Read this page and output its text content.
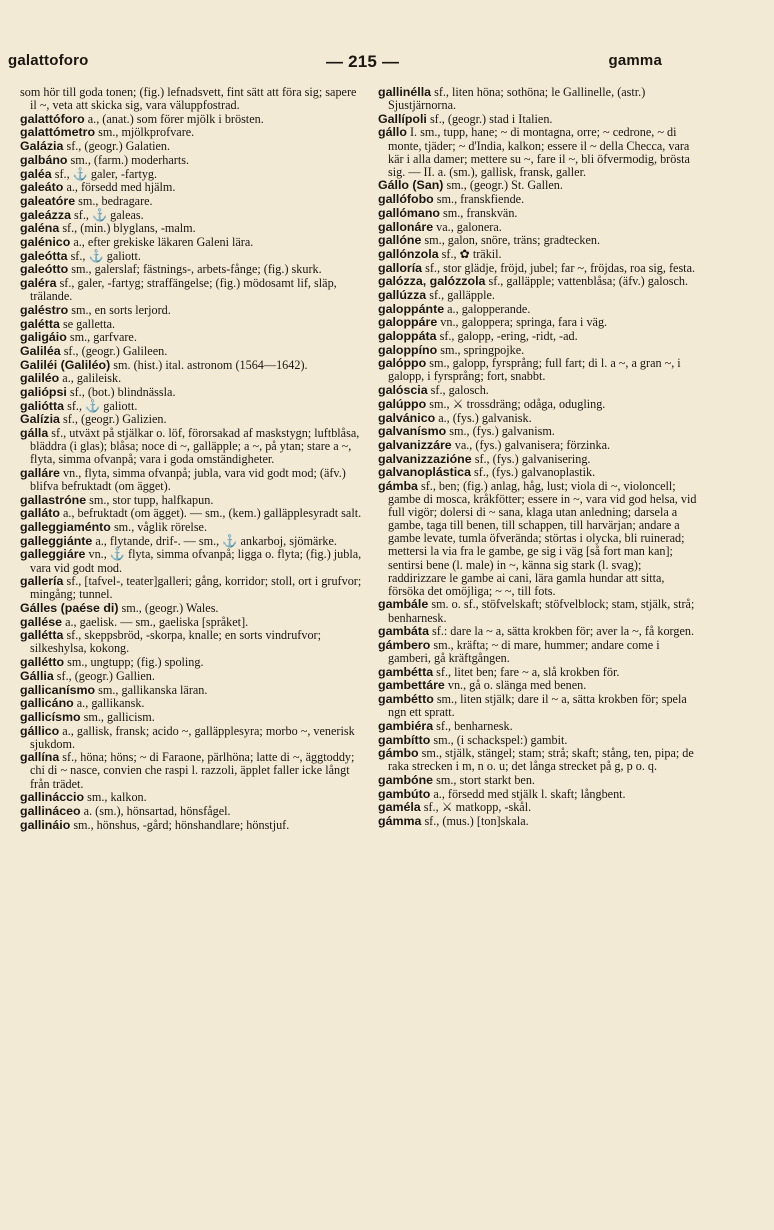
galattoforo	— 215 —	gamma
som hör till goda tonen; (fig.) lefnadsvett, fint sätt att föra sig; sapere il ~, veta att skicka sig, vara väluppfostrad.
galattóforo a., (anat.) som förer mjölk i brösten.
galattómetro sm., mjölkprofvare.
Galázia sf., (geogr.) Galatien.
galbáno sm., (farm.) moderharts.
galéa sf., ⚓ galer, -fartyg.
galeáto a., försedd med hjälm.
galeatóre sm., bedragare.
galeázza sf., ⚓ galeas.
galéna sf., (min.) blyglans, -malm.
galénico a., efter grekiske läkaren Galeni lära.
galeótta sf., ⚓ galiott.
galeótto sm., galerslaf; fästnings-, arbets-fånge; (fig.) skurk.
galéra sf., galer, -fartyg; straffängelse; (fig.) mödosamt lif, släp, trälande.
galéstro sm., en sorts lerjord.
galétta se galletta.
galigáio sm., garfvare.
Galiléa sf., (geogr.) Galileen.
Galiléi (Galiléo) sm. (hist.) ital. astronom (1564—1642).
galiléo a., galileisk.
galiópsi sf., (bot.) blindnässla.
galiótta sf., ⚓ galiott.
Galízia sf., (geogr.) Galizien.
gálla sf., utväxt på stjälkar o. löf, förorsakad af maskstygn; luftblåsa, bläddra (i glas); blåsa; noce di ~, galläpple; a ~, på ytan; stare a ~, flyta, simma ofvanpå; vara i goda omständigheter.
galláre vn., flyta, simma ofvanpå; jubla, vara vid godt mod; (äfv.) blifva befruktadt (om ägget).
gallastróne sm., stor tupp, halfkapun.
galláto a., befruktadt (om ägget). — sm., (kem.) galläpplesyradt salt.
galleggiaménto sm., våglik rörelse.
galleggiánte a., flytande, drif-. — sm., ⚓ ankarboj, sjömärke.
galleggiáre vn., ⚓ flyta, simma ofvanpå; ligga o. flyta; (fig.) jubla, vara vid godt mod.
gallería sf., [tafvel-, teater]galleri; gång, korridor; stoll, ort i grufvor; mingång; tunnel.
Gálles (paése di) sm., (geogr.) Wales.
gallése a., gaelisk. — sm., gaeliska [språket].
gallétta sf., skeppsbröd, -skorpa, knalle; en sorts vindrufvor; silkeshylsa, kokong.
gallétto sm., ungtupp; (fig.) spoling.
Gállia sf., (geogr.) Gallien.
gallicanísmo sm., gallikanska läran.
gallicáno a., gallikansk.
gallicísmo sm., gallicism.
gállico a., gallisk, fransk; acido ~, galläpplesyra; morbo ~, venerisk sjukdom.
gallína sf., höna; höns; ~ di Faraone, pärlhöna; latte di ~, äggtoddy; chi di ~ nasce, convien che raspi l. razzoli, äpplet faller icke långt från trädet.
gallináccio sm., kalkon.
gallináceo a. (sm.), hönsartad, hönsfågel.
gallináio sm., hönshus, -gård; hönshandlare; hönstjuf.
gallinélla sf., liten höna; sothöna; le Gallinelle, (astr.) Sjustjärnorna.
Gallípoli sf., (geogr.) stad i Italien.
gállo I. sm., tupp, hane; ~ di montagna, orre; ~ cedrone, ~ di monte, tjäder; ~ d'India, kalkon; essere il ~ della Checca, vara kär i alla damer; mettere su ~, fare il ~, bli öfvermodig, brösta sig. — II. a. (sm.), gallisk, fransk, galler.
Gállo (San) sm., (geogr.) St. Gallen.
gallófobo sm., franskfiende.
gallómano sm., franskvän.
gallonáre va., galonera.
gallóne sm., galon, snöre, träns; gradtecken.
gallónzola sf., ✿ träkil.
galloría sf., stor glädje, fröjd, jubel; far ~, fröjdas, roa sig, festa.
galózza, galózzola sf., galläpple; vattenblåsa; (äfv.) galosch.
gallúzza sf., galläpple.
galoppánte a., galopperande.
galoppáre vn., galoppera; springa, fara i väg.
galoppáta sf., galopp, -ering, -ridt, -ad.
galoppíno sm., springpojke.
galóppo sm., galopp, fyrsprång; full fart; di l. a ~, a gran ~, i galopp, i fyrsprång; fort, snabbt.
galóscia sf., galosch.
galúppo sm., ⚔ trossdräng; odåga, odugling.
galvánico a., (fys.) galvanisk.
galvanísmo sm., (fys.) galvanism.
galvanizzáre va., (fys.) galvanisera; förzinka.
galvanizzazióne sf., (fys.) galvanisering.
galvanoplástica sf., (fys.) galvanoplastik.
gámba sf., ben; (fig.) anlag, håg, lust; viola di ~, violoncell; gambe di mosca, kråkfötter; essere in ~, vara vid god helsa, vid full vigör; dolersi di ~ sana, klaga utan anledning; darsela a gambe, taga till benen, till schappen, till harvärjan; andare a gambe levate, tumla öfverända; störtas i olycka, bli ruinerad; mettersi la via fra le gambe, ge sig i väg [så fort man kan]; sentirsi bene (l. male) in ~, känna sig stark (l. svag); raddirizzare le gambe ai cani, lära gamla hundar att sitta, försöka det omöjliga; ~ ~, till fots.
gambále sm. o. sf., stöfvelskaft; stöfvelblock; stam, stjälk, strå; benharnesk.
gambáta sf.: dare la ~ a, sätta krokben för; aver la ~, få korgen.
gámbero sm., kräfta; ~ di mare, hummer; andare come i gamberi, gå kräftgången.
gambétta sf., litet ben; fare ~ a, slå krokben för.
gambettáre vn., gå o. slänga med benen.
gambétto sm., liten stjälk; dare il ~ a, sätta krokben för; spela ngn ett spratt.
gambiéra sf., benharnesk.
gambítto sm., (i schackspel:) gambit.
gámbo sm., stjälk, stängel; stam; strå; skaft; stång, ten, pipa; de raka strecken i m, n o. u; det långa strecket på g, p o. q.
gambóne sm., stort starkt ben.
gambúto a., försedd med stjälk l. skaft; långbent.
gaméla sf., ⚔ matkopp, -skål.
gámma sf., (mus.) [ton]skala.
